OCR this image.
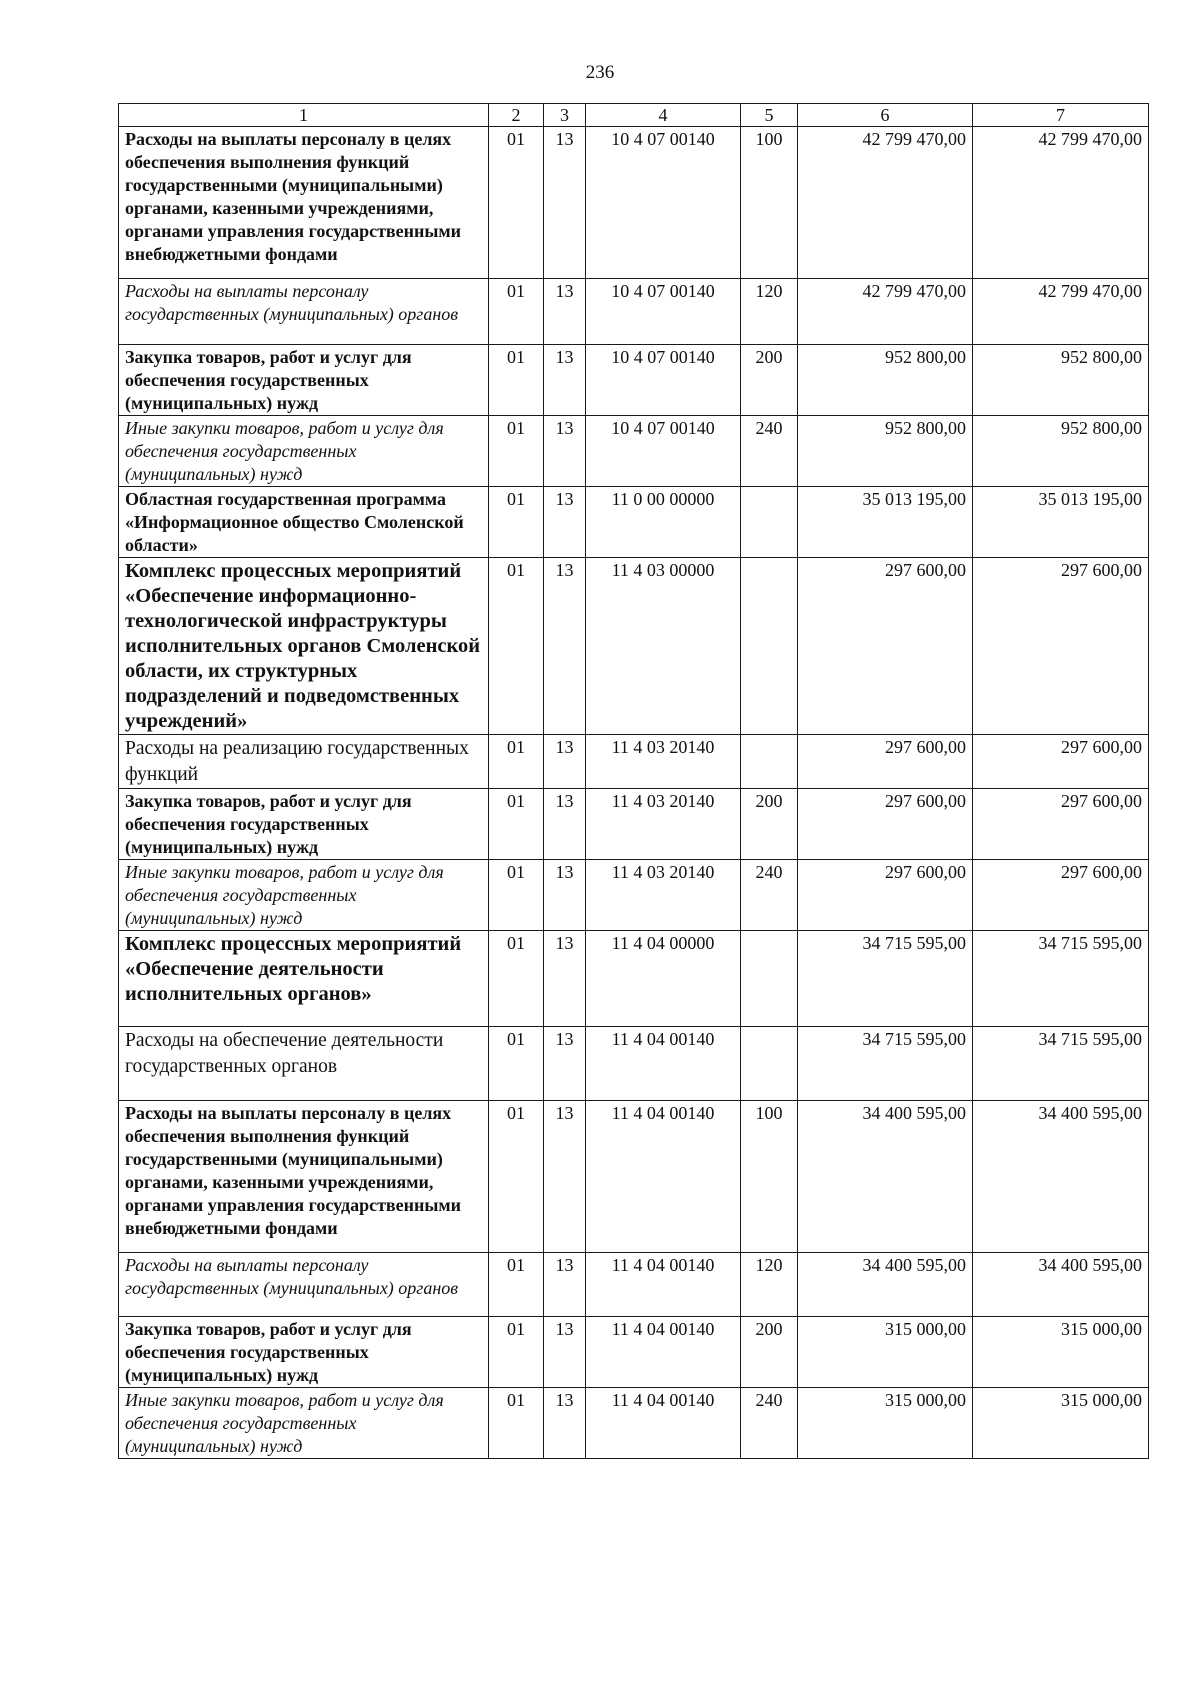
236
1	2	3	4	5	6	7
Расходы на выплаты персоналу в целях обеспечения выполнения функций государственными (муниципальными) органами, казенными учреждениями, органами управления государственными внебюджетными фондами	01	13	10 4 07 00140	100	42 799 470,00	42 799 470,00
Расходы на выплаты персоналу государственных (муниципальных) органов	01	13	10 4 07 00140	120	42 799 470,00	42 799 470,00
Закупка товаров, работ и услуг для обеспечения государственных (муниципальных) нужд	01	13	10 4 07 00140	200	952 800,00	952 800,00
Иные закупки товаров, работ и услуг для обеспечения государственных (муниципальных) нужд	01	13	10 4 07 00140	240	952 800,00	952 800,00
Областная государственная программа «Информационное общество Смоленской области»	01	13	11 0 00 00000		35 013 195,00	35 013 195,00
Комплекс процессных мероприятий «Обеспечение информационно-технологической инфраструктуры исполнительных органов Смоленской области, их структурных подразделений и подведомственных учреждений»	01	13	11 4 03 00000		297 600,00	297 600,00
Расходы на реализацию государственных функций	01	13	11 4 03 20140		297 600,00	297 600,00
Закупка товаров, работ и услуг для обеспечения государственных (муниципальных) нужд	01	13	11 4 03 20140	200	297 600,00	297 600,00
Иные закупки товаров, работ и услуг для обеспечения государственных (муниципальных) нужд	01	13	11 4 03 20140	240	297 600,00	297 600,00
Комплекс процессных мероприятий «Обеспечение деятельности исполнительных органов»	01	13	11 4 04 00000		34 715 595,00	34 715 595,00
Расходы на обеспечение деятельности государственных органов	01	13	11 4 04 00140		34 715 595,00	34 715 595,00
Расходы на выплаты персоналу в целях обеспечения выполнения функций государственными (муниципальными) органами, казенными учреждениями, органами управления государственными внебюджетными фондами	01	13	11 4 04 00140	100	34 400 595,00	34 400 595,00
Расходы на выплаты персоналу государственных (муниципальных) органов	01	13	11 4 04 00140	120	34 400 595,00	34 400 595,00
Закупка товаров, работ и услуг для обеспечения государственных (муниципальных) нужд	01	13	11 4 04 00140	200	315 000,00	315 000,00
Иные закупки товаров, работ и услуг для обеспечения государственных (муниципальных) нужд	01	13	11 4 04 00140	240	315 000,00	315 000,00
